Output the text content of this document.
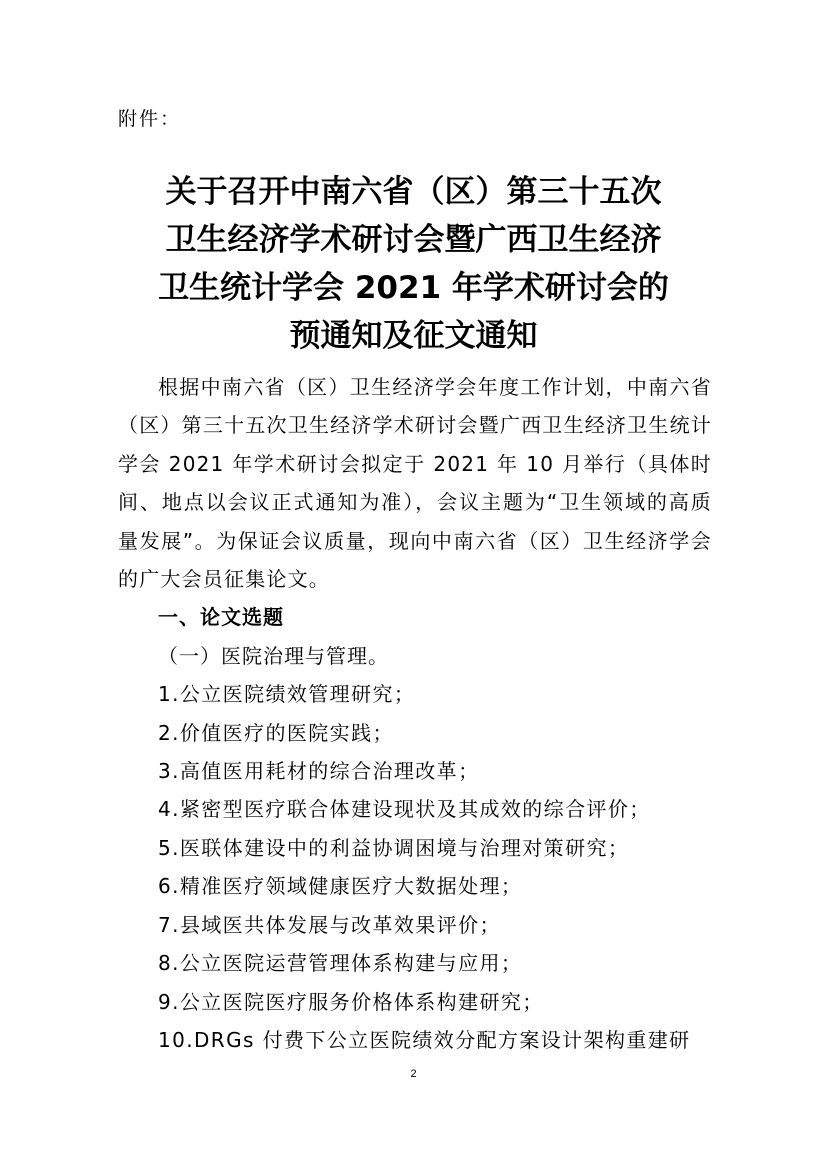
附件：
关于召开中南六省（区）第三十五次
卫生经济学术研讨会暨广西卫生经济
卫生统计学会 2021 年学术研讨会的
预通知及征文通知
根据中南六省（区）卫生经济学会年度工作计划，中南六省（区）第三十五次卫生经济学术研讨会暨广西卫生经济卫生统计学会 2021 年学术研讨会拟定于 2021 年 10 月举行（具体时间、地点以会议正式通知为准），会议主题为“卫生领域的高质量发展”。为保证会议质量，现向中南六省（区）卫生经济学会的广大会员征集论文。
一、论文选题
（一）医院治理与管理。
1.公立医院绩效管理研究；
2.价值医疗的医院实践；
3.高值医用耗材的综合治理改革；
4.紧密型医疗联合体建设现状及其成效的综合评价；
5.医联体建设中的利益协调困境与治理对策研究；
6.精准医疗领域健康医疗大数据处理；
7.县域医共体发展与改革效果评价；
8.公立医院运营管理体系构建与应用；
9.公立医院医疗服务价格体系构建研究；
10.DRGs 付费下公立医院绩效分配方案设计架构重建研
2
